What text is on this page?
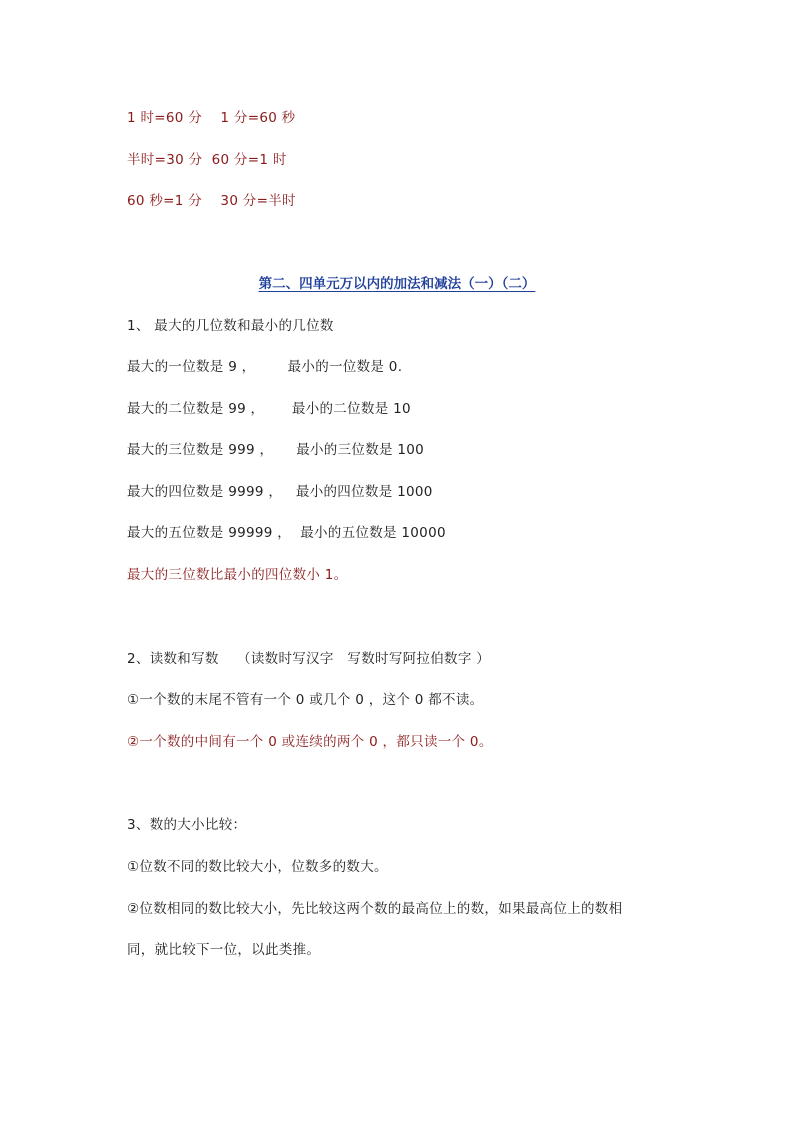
1 时=60 分    1 分=60 秒
半时=30 分  60 分=1 时
60 秒=1 分    30 分=半时
第二、四单元万以内的加法和减法（一）（二）
1、 最大的几位数和最小的几位数
最大的一位数是 9 ，       最小的一位数是 0.
最大的二位数是 99 ，      最小的二位数是 10
最大的三位数是 999 ，     最小的三位数是 100
最大的四位数是 9999 ，   最小的四位数是 1000
最大的五位数是 99999 ，  最小的五位数是 10000
最大的三位数比最小的四位数小 1。
2、读数和写数    （读数时写汉字   写数时写阿拉伯数字 ）
①一个数的末尾不管有一个 0 或几个 0 ，这个 0 都不读。
②一个数的中间有一个 0 或连续的两个 0 ，都只读一个 0。
3、数的大小比较：
①位数不同的数比较大小，位数多的数大。
②位数相同的数比较大小，先比较这两个数的最高位上的数，如果最高位上的数相
同，就比较下一位，以此类推。
